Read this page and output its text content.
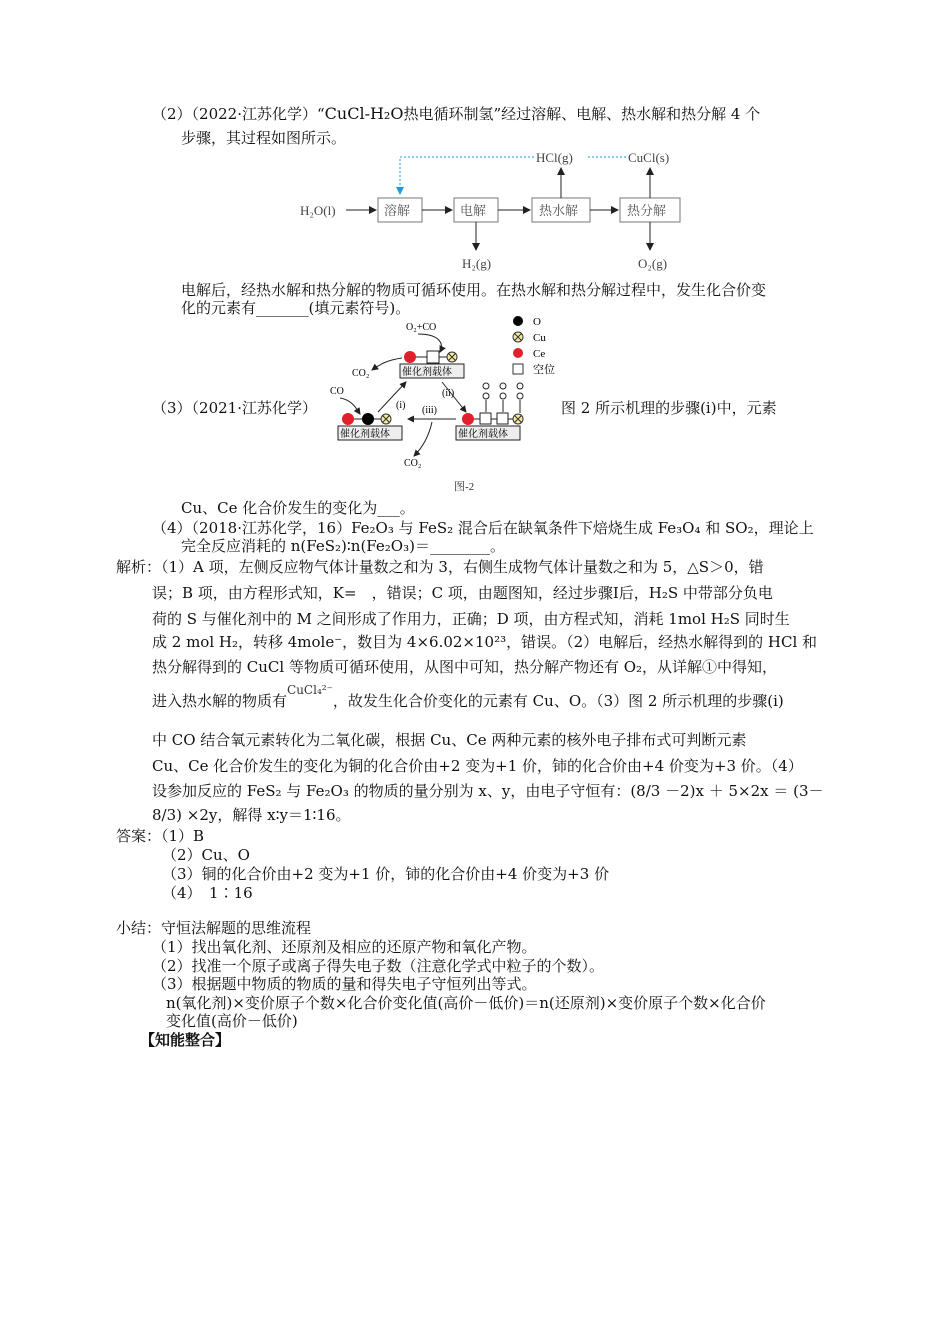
（2）（2022·江苏化学）“CuCl-H₂O热电循环制氢”经过溶解、电解、热水解和热分解 4 个
步骤，其过程如图所示。
H₂O(l)	溶解	电解	热水解	热分解
HCl(g)	CuCl(s)
H₂(g)	O₂(g)
电解后，经热水解和热分解的物质可循环使用。在热水解和热分解过程中，发生化合价变
化的元素有_______(填元素符号)。
O
Cu
Ce
空位
O₂+CO
催化剂载体
CO₂
CO
催化剂载体
(i)
(ii)
催化剂载体
(iii)
CO₂
图-2
（3）（2021·江苏化学）	图 2 所示机理的步骤(i)中，元素
Cu、Ce 化合价发生的变化为___。
（4）（2018·江苏化学，16）Fe₂O₃ 与 FeS₂ 混合后在缺氧条件下焙烧生成 Fe₃O₄ 和 SO₂，理论上
完全反应消耗的 n(FeS₂)∶n(Fe₂O₃)＝________。
解析：（1）A 项，左侧反应物气体计量数之和为 3，右侧生成物气体计量数之和为 5，△S＞0，错
误；B 项，由方程形式知，K=　，错误；C 项，由题图知，经过步骤Ⅰ后，H₂S 中带部分负电
荷的 S 与催化剂中的 M 之间形成了作用力，正确；D 项，由方程式知，消耗 1mol H₂S 同时生
成 2 mol H₂，转移 4mole⁻，数目为 4×6.02×10²³，错误。（2）电解后，经热水解得到的 HCl 和
热分解得到的 CuCl 等物质可循环使用，从图中可知，热分解产物还有 O₂，从详解①中得知，
进入热水解的物质有$^{CuCl_4^{2-}}$，故发生化合价变化的元素有 Cu、O。（3）图 2 所示机理的步骤(i)
中 CO 结合氧元素转化为二氧化碳，根据 Cu、Ce 两种元素的核外电子排布式可判断元素
Cu、Ce 化合价发生的变化为铜的化合价由+2 变为+1 价，铈的化合价由+4 价变为+3 价。（4）
设参加反应的 FeS₂ 与 Fe₂O₃ 的物质的量分别为 x、y，由电子守恒有：(8/3 －2)x ＋ 5×2x ＝ (3－
8/3) ×2y，解得 x∶y＝1∶16。
答案：（1）B
（2）Cu、O
（3）铜的化合价由+2 变为+1 价，铈的化合价由+4 价变为+3 价
（4）　1∶16
小结：守恒法解题的思维流程
（1）找出氧化剂、还原剂及相应的还原产物和氧化产物。
（2）找准一个原子或离子得失电子数（注意化学式中粒子的个数）。
（3）根据题中物质的物质的量和得失电子守恒列出等式。
n(氧化剂)×变价原子个数×化合价变化值(高价－低价)＝n(还原剂)×变价原子个数×化合价
变化值(高价－低价)
【知能整合】
